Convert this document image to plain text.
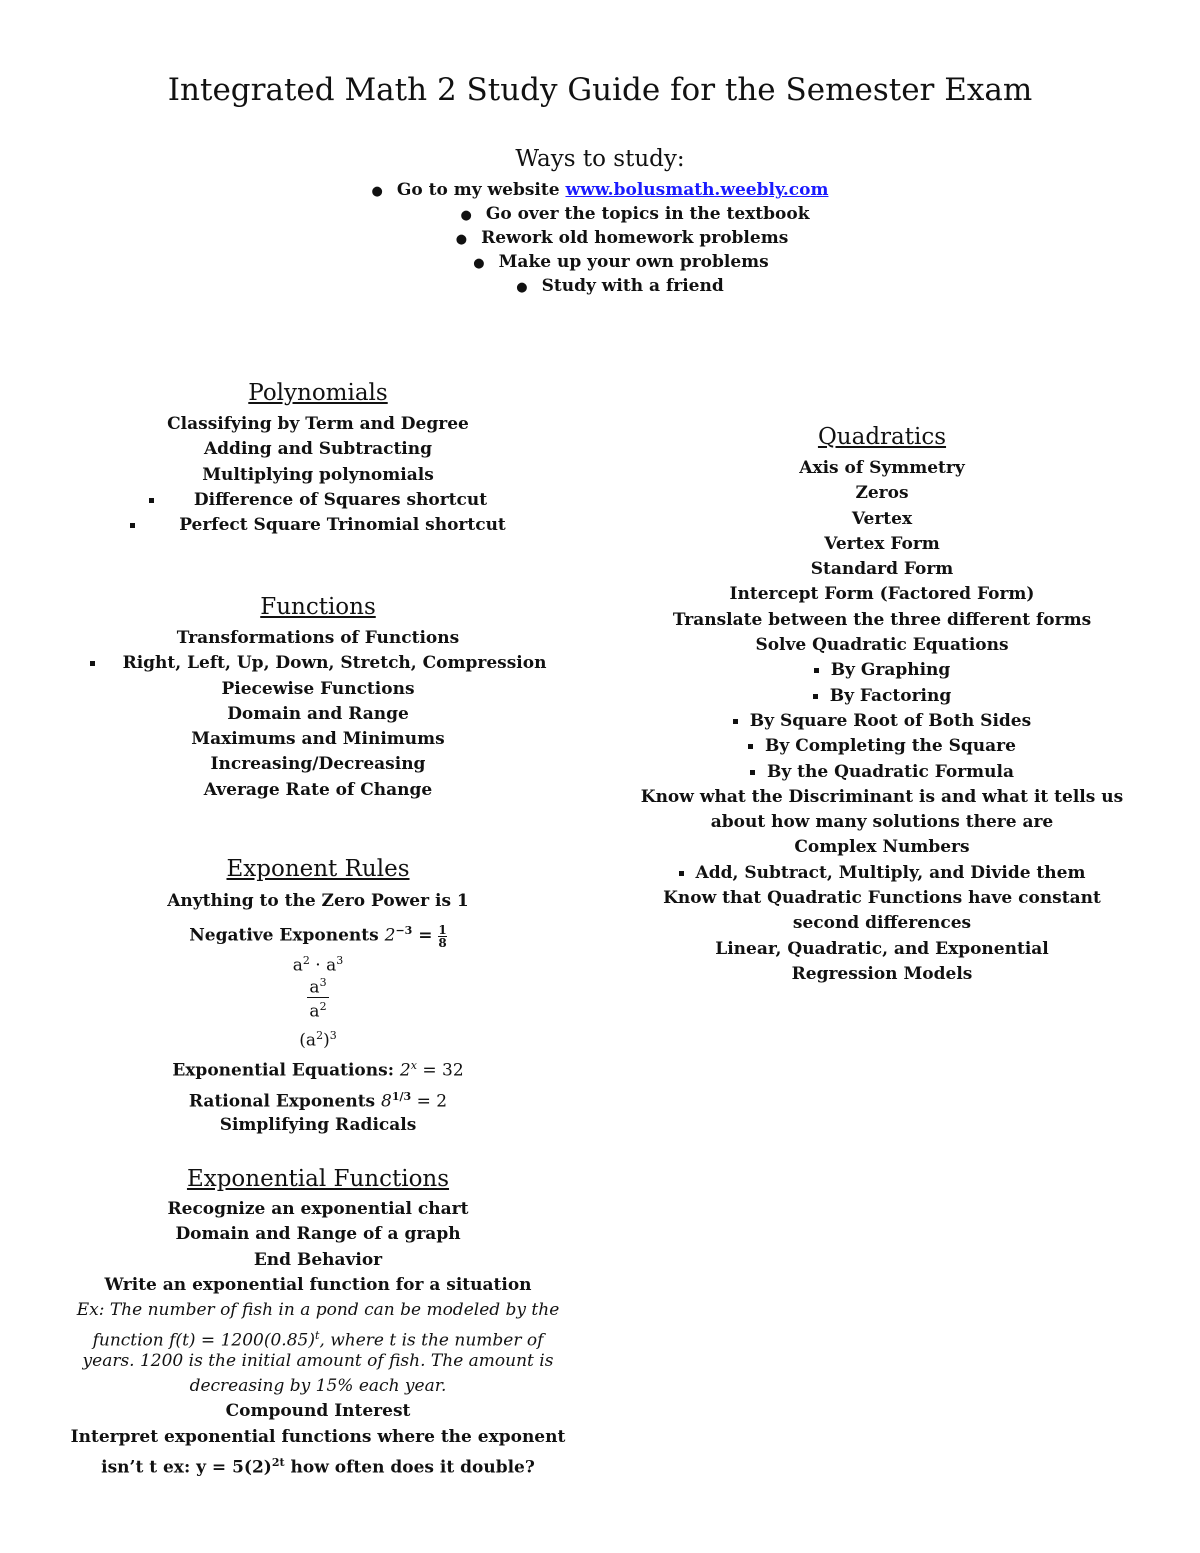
Integrated Math 2 Study Guide for the Semester Exam
Ways to study:
● Go to my website www.bolusmath.weebly.com
● Go over the topics in the textbook
● Rework old homework problems
● Make up your own problems
● Study with a friend
Polynomials
Classifying by Term and Degree
Adding and Subtracting
Multiplying polynomials
Difference of Squares shortcut
Perfect Square Trinomial shortcut
Functions
Transformations of Functions
Right, Left, Up, Down, Stretch, Compression
Piecewise Functions
Domain and Range
Maximums and Minimums
Increasing/Decreasing
Average Rate of Change
Exponent Rules
Anything to the Zero Power is 1
Negative Exponents $2^{-3} = \frac{1}{8}$
$a^2 \cdot a^3$
$\frac{a^3}{a^2}$
$(a^2)^3$
Exponential Equations: $2^x = 32$
Rational Exponents $8^{1/3} = 2$
Simplifying Radicals
Exponential Functions
Recognize an exponential chart
Domain and Range of a graph
End Behavior
Write an exponential function for a situation
Ex: The number of fish in a pond can be modeled by the
function $f(t) = 1200(0.85)^t$, where t is the number of
years. 1200 is the initial amount of fish. The amount is
decreasing by 15% each year.
Compound Interest
Interpret exponential functions where the exponent
isn’t t ex: $y = 5(2)^{2t}$ how often does it double?
Quadratics
Axis of Symmetry
Zeros
Vertex
Vertex Form
Standard Form
Intercept Form (Factored Form)
Translate between the three different forms
Solve Quadratic Equations
By Graphing
By Factoring
By Square Root of Both Sides
By Completing the Square
By the Quadratic Formula
Know what the Discriminant is and what it tells us
about how many solutions there are
Complex Numbers
Add, Subtract, Multiply, and Divide them
Know that Quadratic Functions have constant
second differences
Linear, Quadratic, and Exponential
Regression Models
